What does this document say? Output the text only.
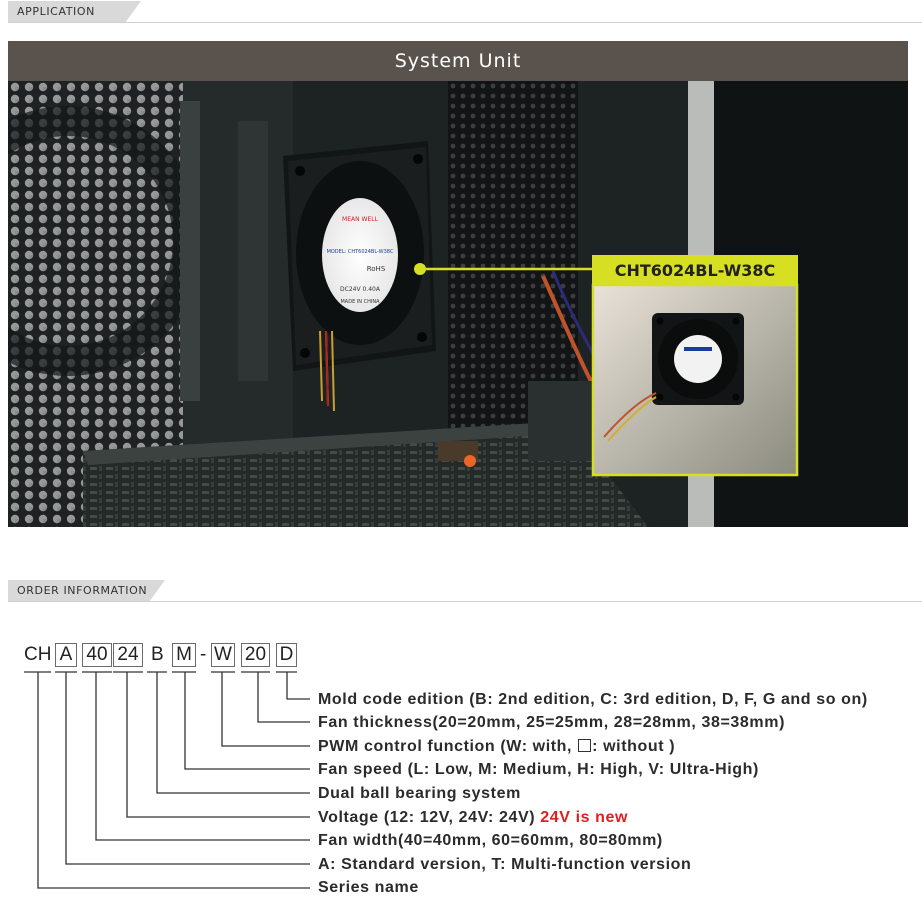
APPLICATION
System Unit
MEAN WELL
MODEL: CHT6024BL-W38C
RoHS
DC24V 0.40A
MADE IN CHINA
CHT6024BL-W38C
ORDER INFORMATION
CH A 40 24 B M - W 20 D
Mold code edition (B: 2nd edition, C: 3rd edition, D, F, G and so on)
Fan thickness(20=20mm, 25=25mm, 28=28mm, 38=38mm)
PWM control function (W: with, : without )
Fan speed (L: Low, M: Medium, H: High, V: Ultra-High)
Dual ball bearing system
Voltage (12: 12V, 24V: 24V) 24V is new
Fan width(40=40mm, 60=60mm, 80=80mm)
A: Standard version, T: Multi-function version
Series name
